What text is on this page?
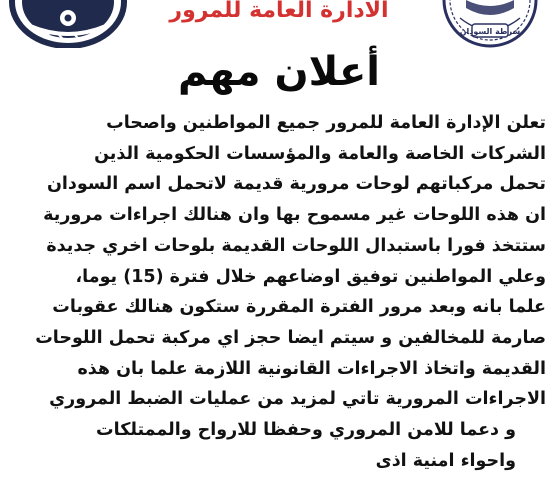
شرطة السودان
الادارة العامة للمرور
أعلان مهم
تعلن الإدارة العامة للمرور جميع المواطنين واصحاب
الشركات الخاصة والعامة والمؤسسات الحكومية الذين
تحمل مركباتهم لوحات مرورية قديمة لاتحمل اسم السودان
ان هذه اللوحات غير مسموح بها وان هنالك اجراءات مرورية
ستتخذ فورا باستبدال اللوحات القديمة بلوحات اخري جديدة
وعلي المواطنين توفيق اوضاعهم خلال فترة (15) يوما،
علما بانه وبعد مرور الفترة المقررة ستكون هنالك عقوبات
صارمة للمخالفين و سيتم ايضا حجز اي مركبة تحمل اللوحات
القديمة واتخاذ الاجراءات القانونية اللازمة علما بان هذه
الاجراءات المرورية تاتي لمزيد من عمليات الضبط المروري
و دعما للامن المروري وحفظا للارواح والممتلكات
واحواء امنية اذى
